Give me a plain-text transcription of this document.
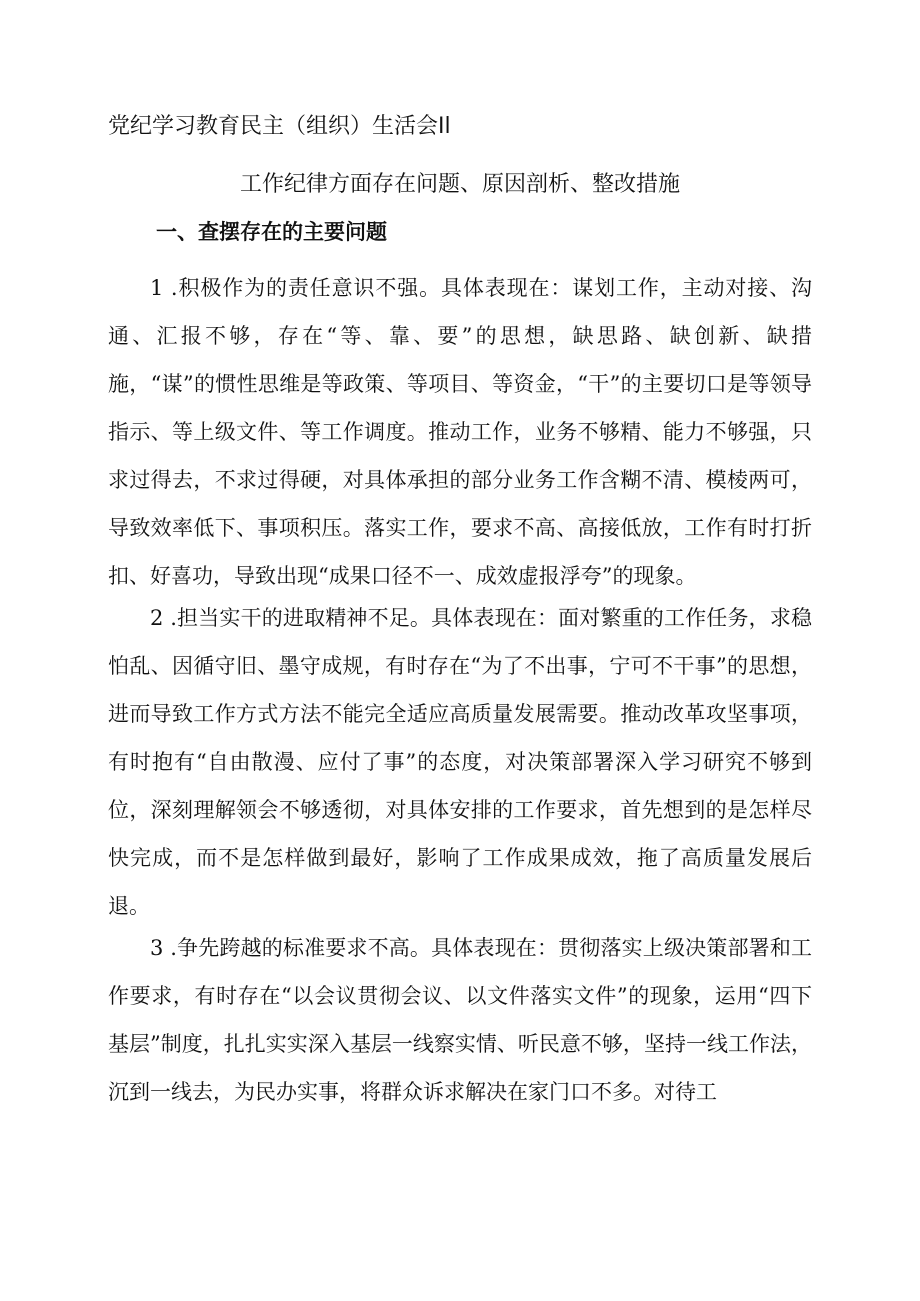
党纪学习教育民主（组织）生活会Il
工作纪律方面存在问题、原因剖析、整改措施
一、查摆存在的主要问题

1 .积极作为的责任意识不强。具体表现在：谋划工作，主动对接、沟通、汇报不够，存在“等、靠、要”的思想，缺思路、缺创新、缺措施，“谋”的惯性思维是等政策、等项目、等资金，“干”的主要切口是等领导指示、等上级文件、等工作调度。推动工作，业务不够精、能力不够强，只求过得去，不求过得硬，对具体承担的部分业务工作含糊不清、模棱两可，导致效率低下、事项积压。落实工作，要求不高、高接低放，工作有时打折扣、好喜功，导致出现“成果口径不一、成效虚报浮夸”的现象。

2 .担当实干的进取精神不足。具体表现在：面对繁重的工作任务，求稳怕乱、因循守旧、墨守成规，有时存在“为了不出事，宁可不干事”的思想，进而导致工作方式方法不能完全适应高质量发展需要。推动改革攻坚事项，有时抱有“自由散漫、应付了事”的态度，对决策部署深入学习研究不够到位，深刻理解领会不够透彻，对具体安排的工作要求，首先想到的是怎样尽快完成，而不是怎样做到最好，影响了工作成果成效，拖了高质量发展后退。

3 .争先跨越的标准要求不高。具体表现在：贯彻落实上级决策部署和工作要求，有时存在“以会议贯彻会议、以文件落实文件”的现象，运用“四下基层”制度，扎扎实实深入基层一线察实情、听民意不够，坚持一线工作法，沉到一线去，为民办实事，将群众诉求解决在家门口不多。对待工
